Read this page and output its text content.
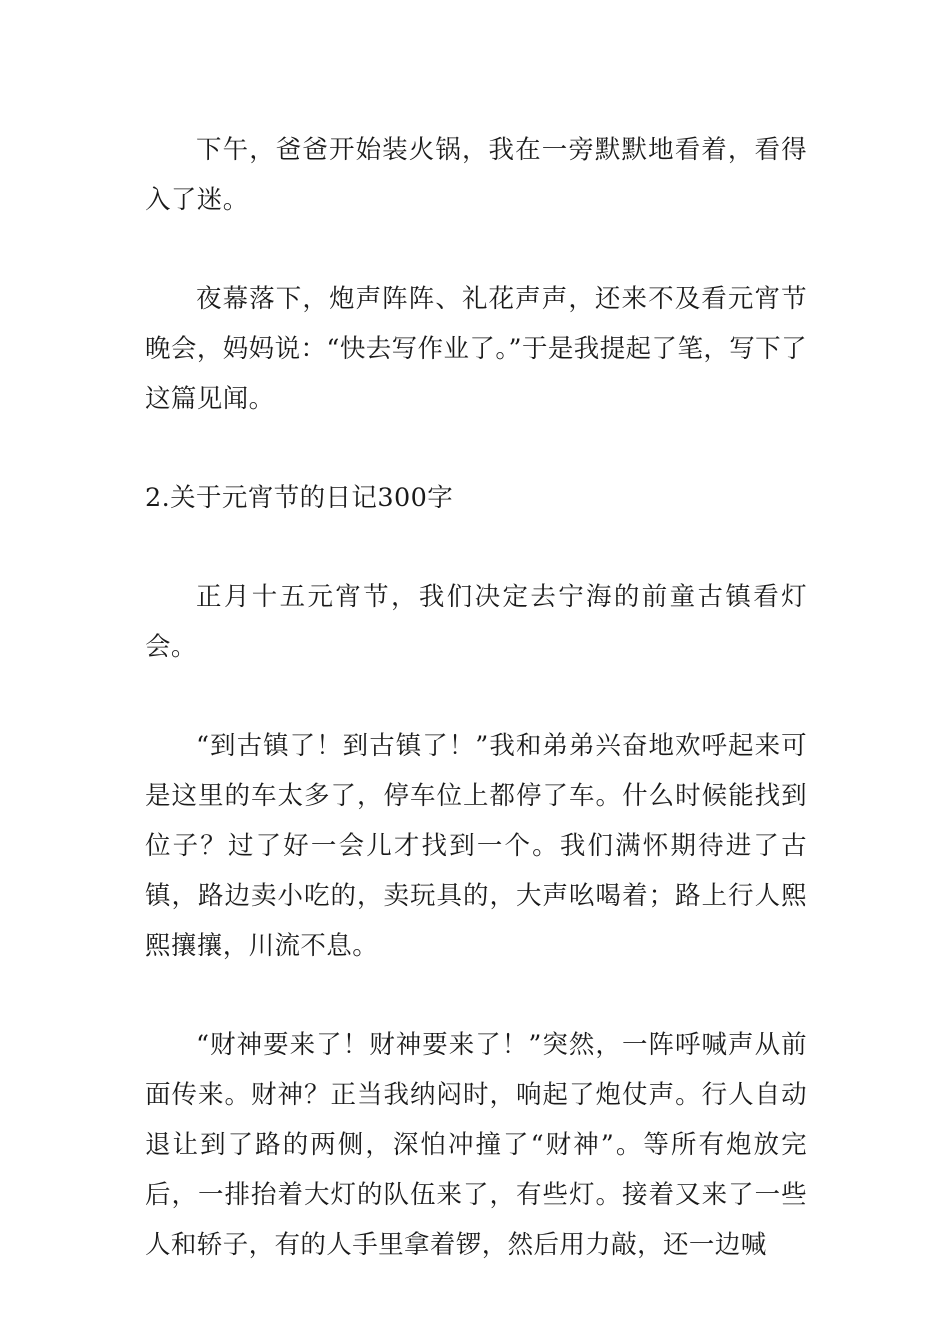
下午，爸爸开始装火锅，我在一旁默默地看着，看得入了迷。

夜幕落下，炮声阵阵、礼花声声，还来不及看元宵节晚会，妈妈说：“快去写作业了。”于是我提起了笔，写下了这篇见闻。

2.关于元宵节的日记300字

正月十五元宵节，我们决定去宁海的前童古镇看灯会。

“到古镇了！到古镇了！”我和弟弟兴奋地欢呼起来可是这里的车太多了，停车位上都停了车。什么时候能找到位子？过了好一会儿才找到一个。我们满怀期待进了古镇，路边卖小吃的，卖玩具的，大声吆喝着；路上行人熙熙攘攘，川流不息。

“财神要来了！财神要来了！”突然，一阵呼喊声从前面传来。财神？正当我纳闷时，响起了炮仗声。行人自动退让到了路的两侧，深怕冲撞了“财神”。等所有炮放完后，一排抬着大灯的队伍来了，有些灯。接着又来了一些人和轿子，有的人手里拿着锣，然后用力敲，还一边喊
